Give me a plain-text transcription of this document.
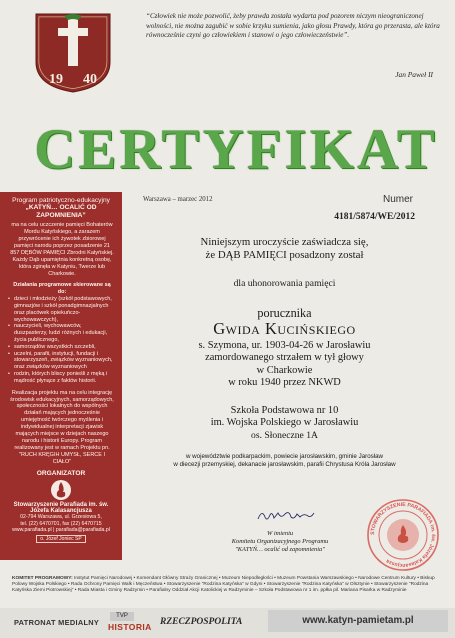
19 40
“Człowiek nie może pozwolić, żeby prawda została wydarta pod pozorem niczym nieograniczonej wolności, nie można zagubić w sobie krzyku sumienia, jako głosu Prawdy, która go przerasta, ale która równocześnie czyni go człowiekiem i stanowi o jego człowieczeństwie”.
Jan Paweł II
CERTYFIKAT
Program patriotyczno-edukacyjny
„KATYŃ… OCALIĆ OD ZAPOMNIENIA”
ma na celu uczczenie pamięci Bohaterów Mordu Katyńskiego, a zarazem przywrócenie ich żywotek zbiorowej pamięci narodu poprzez posadzenie 21 857 DĘBÓW PAMIĘCI Zbrodni Katyńskiej. Każdy Dąb upamiętnia konkretną osobę, która zginęła w Katyniu, Twerze lub Charkowie.
Działania programowe skierowane są do:
• dzieci i młodzieży (szkół podstawowych, gimnazjów i szkół ponadgimnazjalnych oraz placówek opiekuńczo-wychowawczych),
• nauczycieli, wychowawców, duszpasterzy, ludzi różnych i edukacji, życia publicznego,
• samorządów wszystkich szczebli,
• uczelni, parafii, instytucji, fundacji i stowarzyszeń, związków wyznaniowych, oraz związków wyznaniowych
• rodzin, których bliscy ponieśli z męką i mądrość płynące z faktów historii.
Realizacja projektu ma na celu integrację środowisk edukacyjnych, samorządowych, społeczności lokalnych do wspólnych działań mających jednocześnie umiejętność twórczego myślenia i indywidualnej interpretacji zjawisk mających miejsce w dziejach naszego narodu i historii Europy. Program realizowany jest w ramach Projektu pn. "RUCH KRĘGIH UMYSŁ, SERCE I CIAŁO"
ORGANIZATOR
Stowarzyszenie Parafiada im. św. Józefa Kalasancjusza
02-794 Warszawa, ul. Grzesiowa 5,
tel. (22) 6470701, fax (22) 6470715
www.parafiada.pl | parafiada@parafiada.pl
o. Józef Joniec SP
Warszawa – marzec 2012	Numer
4181/5874/WE/2012
Niniejszym uroczyście zaświadcza się,
że DĄB PAMIĘCI posadzony został
dla uhonorowania pamięci
porucznika
Gwida Kucińskiego
s. Szymona, ur. 1903-04-26 w Jarosławiu
zamordowanego strzałem w tył głowy
w Charkowie
w roku 1940 przez NKWD
Szkoła Podstawowa nr 10
im. Wojska Polskiego w Jarosławiu
os. Słoneczne 1A
w województwie podkarpackim, powiecie jarosławskim, gminie Jarosław
w diecezji przemyskiej, dekanacie jarosławskim, parafii Chrystusa Króla Jarosław
W imieniu
Komitetu Organizacyjnego Programu
"KATYŃ… ocalić od zapomnienia"
STOWARZYSZENIE PARAFIADA im. św. Józefa Kalasancjusza
KOMITET PROGRAMOWY: Instytut Pamięci Narodowej • Komendant Główny Straży Granicznej • Muzeum Niepodległości • Muzeum Powstania Warszawskiego • Narodowe Centrum Kultury • Biskup Polowy Wojska Polskiego • Rada Ochrony Pamięci Walk i Męczeństwa • Stowarzyszenie "Rodzina Katyńska" w Gdyni • Stowarzyszenie "Rodzina Katyńska" w Olsztynie • Stowarzyszenie "Rodzina Katyńska Ziemi Piotrowskiej" • Rada Miasta i Gminy Radzymin • Parafialny Oddział Akcji Katolickiej w Radzyminie – Szkoła Podstawowa nr 1 im. ppłka pil. Mariana Pisarka w Radzyminie
PATRONAT MEDIALNY
TVP
HISTORIA RZECZPOSPOLITA	www.katyn-pamietam.pl
